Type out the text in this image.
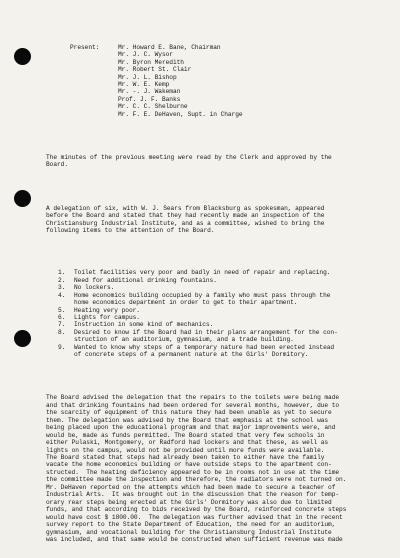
Present:	Mr. Howard E. Bane, Chairman
Mr. J. C. Wysor
Mr. Byron Meredith
Mr. Robert St. Clair
Mr. J. L. Bishop
Mr. W. E. Kemp
Mr. -. J. Wakeman
Prof. J. F. Banks
Mr. C. C. Shelburne
Mr. F. E. DeHaven, Supt. in Charge

The minutes of the previous meeting were read by the Clerk and approved by the
Board.

A delegation of six, with W. J. Sears from Blacksburg as spokesman, appeared
before the Board and stated that they had recently made an inspection of the
Christiansburg Industrial Institute, and as a committee, wished to bring the
following items to the attention of the Board.

1. Toilet facilities very poor and badly in need of repair and replacing.
2. Need for additional drinking fountains.
3. No lockers.
4. Home economics building occupied by a family who must pass through the
home economics department in order to get to their apartment.
5. Heating very poor.
6. Lights for campus.
7. Instruction in some kind of mechanics.
8. Desired to know if the Board had in their plans arrangement for the con-
struction of an auditorium, gymnasium, and a trade building.
9. Wanted to know why steps of a temporary nature had been erected instead
of concrete steps of a permanent nature at the Girls' Dormitory.

The Board advised the delegation that the repairs to the toilets were being made
and that drinking fountains had been ordered for several months, however, due to
the scarcity of equipment of this nature they had been unable as yet to secure
them. The delegation was advised by the Board that emphasis at the school was
being placed upon the educational program and that major improvements were, and
would be, made as funds permitted. The Board stated that very few schools in
either Pulaski, Montgomery, or Radford had lockers and that these, as well as
lights on the campus, would not be provided until more funds were available.
The Board stated that steps had already been taken to either have the family
vacate the home economics building or have outside steps to the apartment con-
structed.  The heating deficiency appeared to be in rooms not in use at the time
the committee made the inspection and therefore, the radiators were not turned on.
Mr. DeHaven reported on the attempts which had been made to secure a teacher of
Industrial Arts.  It was brought out in the discussion that the reason for temp-
orary rear steps being erected at the Girls' Dormitory was also due to limited
funds, and that according to bids received by the Board, reinforced concrete steps
would have cost $ 1800.00.  The delegation was further advised that in the recent
survey report to the State Department of Education, the need for an auditorium,
gymnasium, and vocational building for the Christiansburg Industrial Institute
was included, and that same would be constructed when sufficient revenue was made
